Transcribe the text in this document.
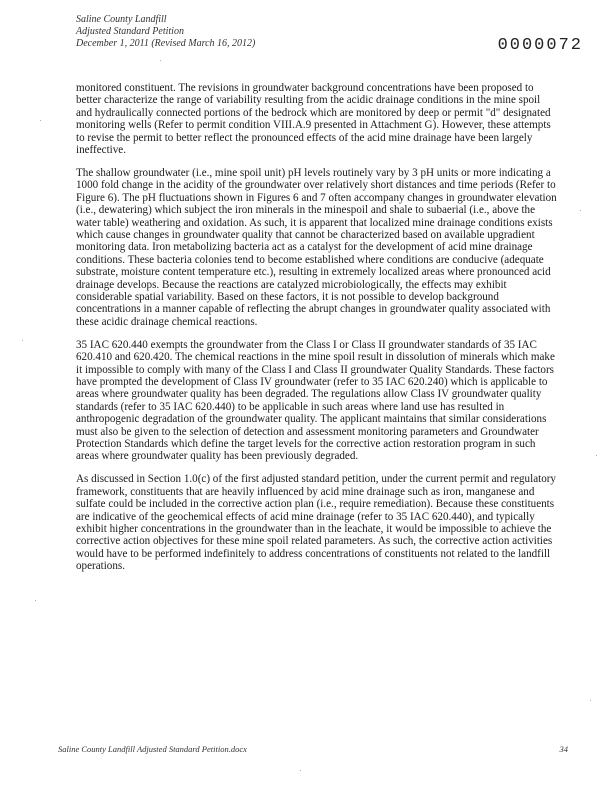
Saline County Landfill
Adjusted Standard Petition
December 1, 2011 (Revised March 16, 2012)	0000072

monitored constituent. The revisions in groundwater background concentrations have been proposed to better characterize the range of variability resulting from the acidic drainage conditions in the mine spoil and hydraulically connected portions of the bedrock which are monitored by deep or permit "d" designated monitoring wells (Refer to permit condition VIII.A.9 presented in Attachment G). However, these attempts to revise the permit to better reflect the pronounced effects of the acid mine drainage have been largely ineffective.

The shallow groundwater (i.e., mine spoil unit) pH levels routinely vary by 3 pH units or more indicating a 1000 fold change in the acidity of the groundwater over relatively short distances and time periods (Refer to Figure 6). The pH fluctuations shown in Figures 6 and 7 often accompany changes in groundwater elevation (i.e., dewatering) which subject the iron minerals in the minespoil and shale to subaerial (i.e., above the water table) weathering and oxidation. As such, it is apparent that localized mine drainage conditions exists which cause changes in groundwater quality that cannot be characterized based on available upgradient monitoring data. Iron metabolizing bacteria act as a catalyst for the development of acid mine drainage conditions. These bacteria colonies tend to become established where conditions are conducive (adequate substrate, moisture content temperature etc.), resulting in extremely localized areas where pronounced acid drainage develops. Because the reactions are catalyzed microbiologically, the effects may exhibit considerable spatial variability. Based on these factors, it is not possible to develop background concentrations in a manner capable of reflecting the abrupt changes in groundwater quality associated with these acidic drainage chemical reactions.

35 IAC 620.440 exempts the groundwater from the Class I or Class II groundwater standards of 35 IAC 620.410 and 620.420. The chemical reactions in the mine spoil result in dissolution of minerals which make it impossible to comply with many of the Class I and Class II groundwater Quality Standards. These factors have prompted the development of Class IV groundwater (refer to 35 IAC 620.240) which is applicable to areas where groundwater quality has been degraded. The regulations allow Class IV groundwater quality standards (refer to 35 IAC 620.440) to be applicable in such areas where land use has resulted in anthropogenic degradation of the groundwater quality. The applicant maintains that similar considerations must also be given to the selection of detection and assessment monitoring parameters and Groundwater Protection Standards which define the target levels for the corrective action restoration program in such areas where groundwater quality has been previously degraded.

As discussed in Section 1.0(c) of the first adjusted standard petition, under the current permit and regulatory framework, constituents that are heavily influenced by acid mine drainage such as iron, manganese and sulfate could be included in the corrective action plan (i.e., require remediation). Because these constituents are indicative of the geochemical effects of acid mine drainage (refer to 35 IAC 620.440), and typically exhibit higher concentrations in the groundwater than in the leachate, it would be impossible to achieve the corrective action objectives for these mine spoil related parameters. As such, the corrective action activities would have to be performed indefinitely to address concentrations of constituents not related to the landfill operations.

Saline County Landfill Adjusted Standard Petition.docx	34
